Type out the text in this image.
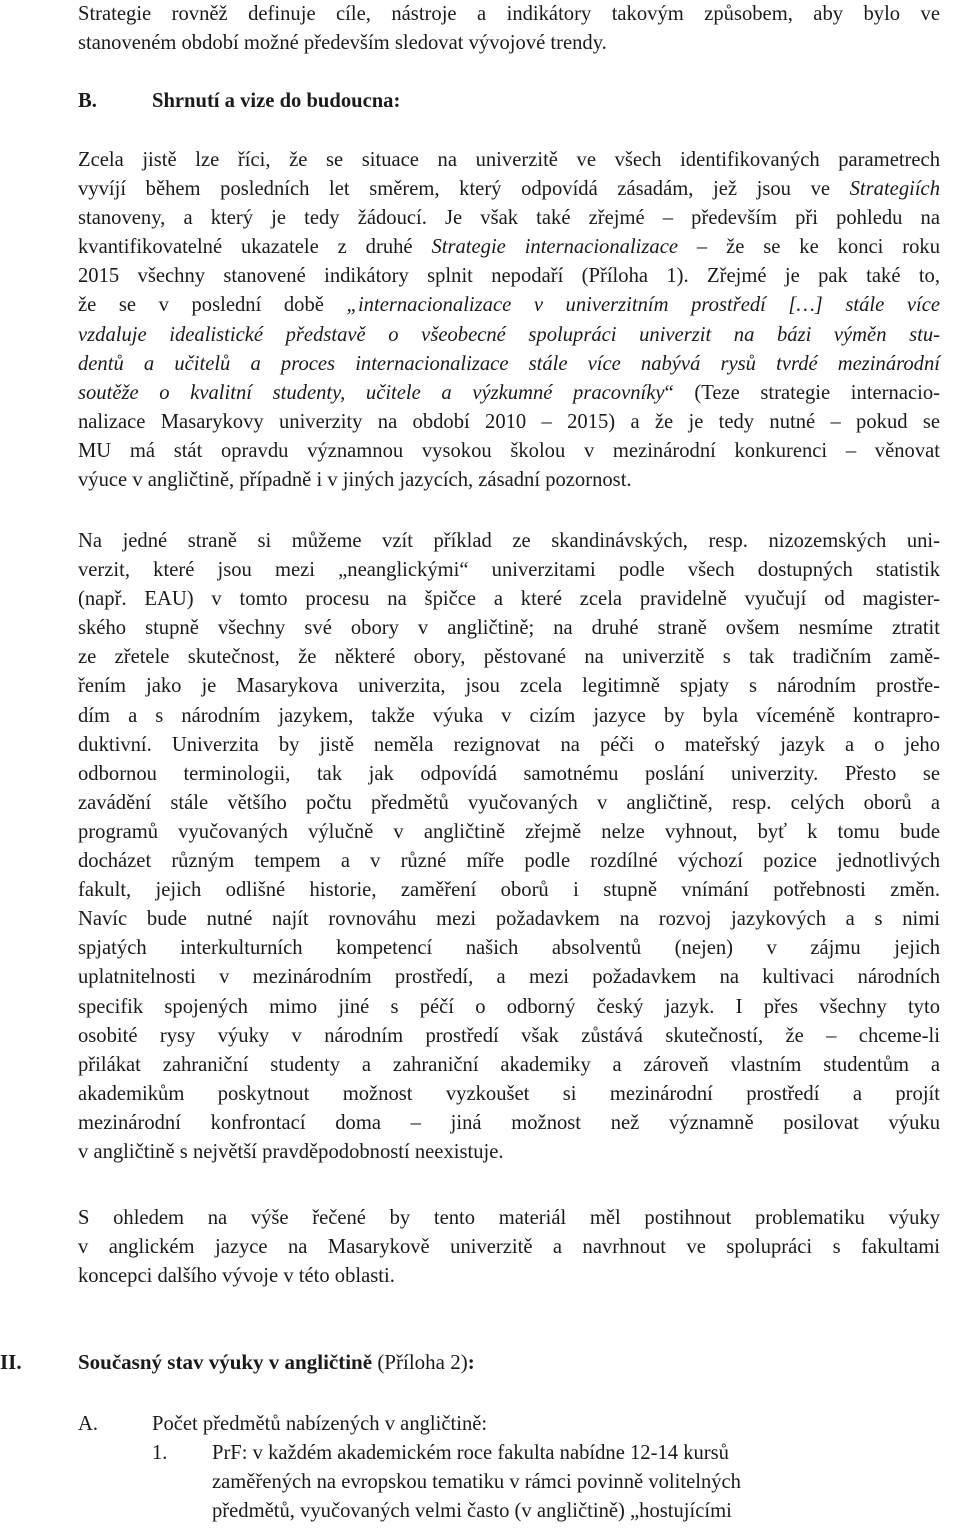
Strategie rovněž definuje cíle, nástroje a indikátory takovým způsobem, aby bylo ve
stanoveném období možné především sledovat vývojové trendy.
B.	Shrnutí a vize do budoucna:
Zcela jistě lze říci, že se situace na univerzitě ve všech identifikovaných parametrech
vyvíjí během posledních let směrem, který odpovídá zásadám, jež jsou ve Strategiích
stanoveny, a který je tedy žádoucí. Je však také zřejmé – především při pohledu na
kvantifikovatelné ukazatele z druhé Strategie internacionalizace – že se ke konci roku
2015 všechny stanovené indikátory splnit nepodaří (Příloha 1). Zřejmé je pak také to,
že se v poslední době „internacionalizace v univerzitním prostředí […] stále více
vzdaluje idealistické představě o všeobecné spolupráci univerzit na bázi výměn stu-
dentů a učitelů a proces internacionalizace stále více nabývá rysů tvrdé mezinárodní
soutěže o kvalitní studenty, učitele a výzkumné pracovníky“ (Teze strategie internacio-
nalizace Masarykovy univerzity na období 2010 – 2015) a že je tedy nutné – pokud se
MU má stát opravdu významnou vysokou školou v mezinárodní konkurenci – věnovat
výuce v angličtině, případně i v jiných jazycích, zásadní pozornost.
Na jedné straně si můžeme vzít příklad ze skandinávských, resp. nizozemských uni-
verzit, které jsou mezi „neanglickými“ univerzitami podle všech dostupných statistik
(např. EAU) v tomto procesu na špičce a které zcela pravidelně vyučují od magister-
ského stupně všechny své obory v angličtině; na druhé straně ovšem nesmíme ztratit
ze zřetele skutečnost, že některé obory, pěstované na univerzitě s tak tradičním zamě-
řením jako je Masarykova univerzita, jsou zcela legitimně spjaty s národním prostře-
dím a s národním jazykem, takže výuka v cizím jazyce by byla víceméně kontrapro-
duktivní. Univerzita by jistě neměla rezignovat na péči o mateřský jazyk a o jeho
odbornou terminologii, tak jak odpovídá samotnému poslání univerzity. Přesto se
zavádění stále většího počtu předmětů vyučovaných v angličtině, resp. celých oborů a
programů vyučovaných výlučně v angličtině zřejmě nelze vyhnout, byť k tomu bude
docházet různým tempem a v různé míře podle rozdílné výchozí pozice jednotlivých
fakult, jejich odlišné historie, zaměření oborů i stupně vnímání potřebnosti změn.
Navíc bude nutné najít rovnováhu mezi požadavkem na rozvoj jazykových a s nimi
spjatých interkulturních kompetencí našich absolventů (nejen) v zájmu jejich
uplatnitelnosti v mezinárodním prostředí, a mezi požadavkem na kultivaci národních
specifik spojených mimo jiné s péčí o odborný český jazyk. I přes všechny tyto
osobité rysy výuky v národním prostředí však zůstává skutečností, že – chceme-li
přilákat zahraniční studenty a zahraniční akademiky a zároveň vlastním studentům a
akademikům poskytnout možnost vyzkoušet si mezinárodní prostředí a projít
mezinárodní konfrontací doma – jiná možnost než významně posilovat výuku
v angličtině s největší pravděpodobností neexistuje.
S ohledem na výše řečené by tento materiál měl postihnout problematiku výuky
v anglickém jazyce na Masarykově univerzitě a navrhnout ve spolupráci s fakultami
koncepci dalšího vývoje v této oblasti.
II.	Současný stav výuky v angličtině (Příloha 2):
A.	Počet předmětů nabízených v angličtině:
1. PrF: v každém akademickém roce fakulta nabídne 12-14 kursů
zaměřených na evropskou tematiku v rámci povinně volitelných
předmětů, vyučovaných velmi často (v angličtině) „hostujícími
